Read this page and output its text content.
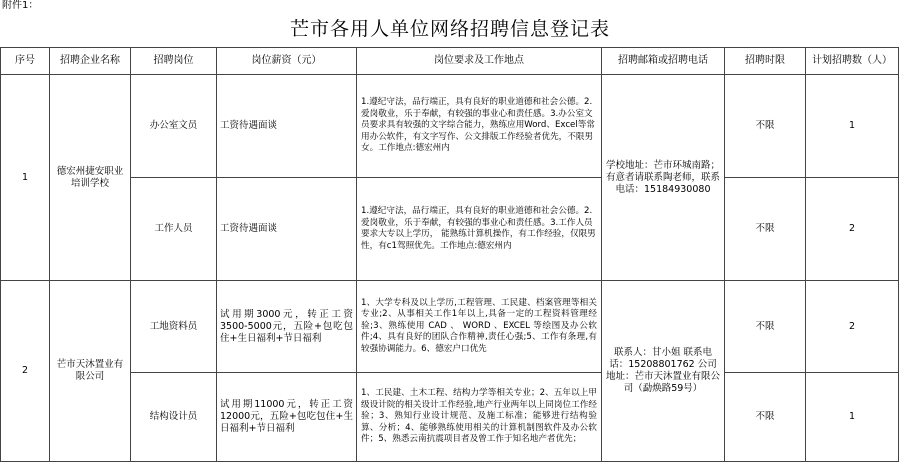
附件1：
芒市各用人单位网络招聘信息登记表
序号	招聘企业名称	招聘岗位	岗位薪资（元）	岗位要求及工作地点	招聘邮箱或招聘电话	招聘时限	计划招聘数（人）
1	德宏州捷安职业培训学校	办公室文员	工资待遇面谈	1.遵纪守法，品行端正，具有良好的职业道德和社会公德。2.爱岗敬业，乐于奉献，有较强的事业心和责任感。3.办公室文员要求具有较强的文字综合能力，熟练应用Word、Excel等常用办公软件，有文字写作、公文排版工作经验者优先，不限男女。工作地点:德宏州内	学校地址：芒市环城南路；有意者请联系陶老师，联系电话：15184930080	不限	1
		工作人员	工资待遇面谈	1.遵纪守法，品行端正，具有良好的职业道德和社会公德。2.爱岗敬业，乐于奉献，有较强的事业心和责任感。3.工作人员要求大专以上学历， 能熟练计算机操作，有工作经验，仅限男性，有c1驾照优先。工作地点:德宏州内		不限	2
2	芒市天沐置业有限公司	工地资料员	试用期3000元，转正工资3500-5000元，五险+包吃包住+生日福利+节日福利	1、大学专科及以上学历,工程管理、工民建、档案管理等相关专业;2、从事相关工作1年以上,具备一定的工程资料管理经验;3、熟练使用 CAD 、 WORD 、EXCEL 等绘图及办公软件;4、具有良好的团队合作精神,责任心强;5、工作有条理,有较强协调能力。6、德宏户口优先	联系人：甘小姐 联系电话：15208801762 公司地址：芒市天沐置业有限公司（勐焕路59号）	不限	2
		结构设计员	试用期11000元，转正工资12000元，五险+包吃包住+生日福利+节日福利	1、工民建、土木工程、结构力学等相关专业；2、五年以上甲级设计院的相关设计工作经验,地产行业两年以上同岗位工作经验；3、熟知行业设计规范、及施工标准；能够进行结构验算、分析；4、能够熟练使用相关的计算机制图软件及办公软件；5、熟悉云南抗震项目者及曾工作于知名地产者优先；		不限	1
